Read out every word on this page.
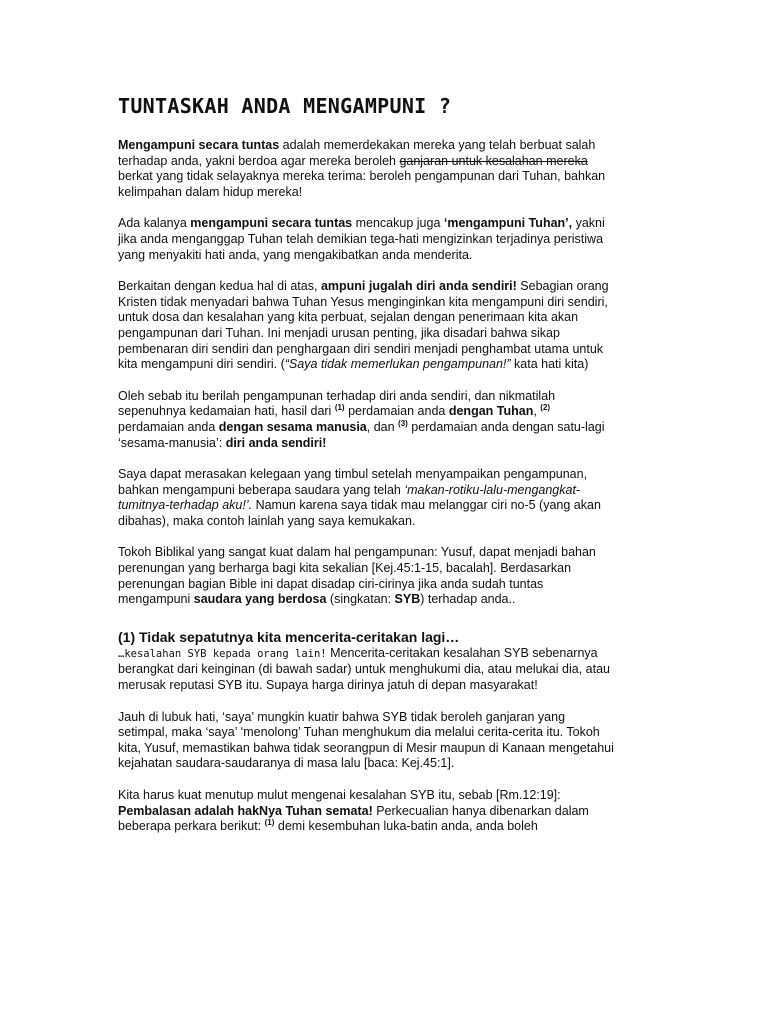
TUNTASKAH ANDA MENGAMPUNI ?

Mengampuni secara tuntas adalah memerdekakan mereka yang telah berbuat salah terhadap anda, yakni berdoa agar mereka beroleh ganjaran untuk kesalahan mereka berkat yang tidak selayaknya mereka terima: beroleh pengampunan dari Tuhan, bahkan kelimpahan dalam hidup mereka!

Ada kalanya mengampuni secara tuntas mencakup juga ‘mengampuni Tuhan’, yakni jika anda menganggap Tuhan telah demikian tega-hati mengizinkan terjadinya peristiwa yang menyakiti hati anda, yang mengakibatkan anda menderita.

Berkaitan dengan kedua hal di atas, ampuni jugalah diri anda sendiri! Sebagian orang Kristen tidak menyadari bahwa Tuhan Yesus menginginkan kita mengampuni diri sendiri, untuk dosa dan kesalahan yang kita perbuat, sejalan dengan penerimaan kita akan pengampunan dari Tuhan. Ini menjadi urusan penting, jika disadari bahwa sikap pembenaran diri sendiri dan penghargaan diri sendiri menjadi penghambat utama untuk kita mengampuni diri sendiri. (“Saya tidak memerlukan pengampunan!” kata hati kita)

Oleh sebab itu berilah pengampunan terhadap diri anda sendiri, dan nikmatilah sepenuhnya kedamaian hati, hasil dari $^{(1)}$ perdamaian anda dengan Tuhan, $^{(2)}$ perdamaian anda dengan sesama manusia, dan $^{(3)}$ perdamaian anda dengan satu-lagi ‘sesama-manusia’: diri anda sendiri!

Saya dapat merasakan kelegaan yang timbul setelah menyampaikan pengampunan, bahkan mengampuni beberapa saudara yang telah ‘makan-rotiku-lalu-mengangkat-tumitnya-terhadap aku!’. Namun karena saya tidak mau melanggar ciri no-5 (yang akan dibahas), maka contoh lainlah yang saya kemukakan.

Tokoh Biblikal yang sangat kuat dalam hal pengampunan: Yusuf, dapat menjadi bahan perenungan yang berharga bagi kita sekalian [Kej.45:1-15, bacalah]. Berdasarkan perenungan bagian Bible ini dapat disadap ciri-cirinya jika anda sudah tuntas mengampuni saudara yang berdosa (singkatan: SYB) terhadap anda..

(1) Tidak sepatutnya kita mencerita-ceritakan lagi…

…kesalahan SYB kepada orang lain! Mencerita-ceritakan kesalahan SYB sebenarnya berangkat dari keinginan (di bawah sadar) untuk menghukumi dia, atau melukai dia, atau merusak reputasi SYB itu. Supaya harga dirinya jatuh di depan masyarakat!

Jauh di lubuk hati, ‘saya’ mungkin kuatir bahwa SYB tidak beroleh ganjaran yang setimpal, maka ‘saya’ ‘menolong’ Tuhan menghukum dia melalui cerita-cerita itu. Tokoh kita, Yusuf, memastikan bahwa tidak seorangpun di Mesir maupun di Kanaan mengetahui kejahatan saudara-saudaranya di masa lalu [baca: Kej.45:1].

Kita harus kuat menutup mulut mengenai kesalahan SYB itu, sebab [Rm.12:19]: Pembalasan adalah hakNya Tuhan semata! Perkecualian hanya dibenarkan dalam beberapa perkara berikut: $^{(1)}$ demi kesembuhan luka-batin anda, anda boleh
